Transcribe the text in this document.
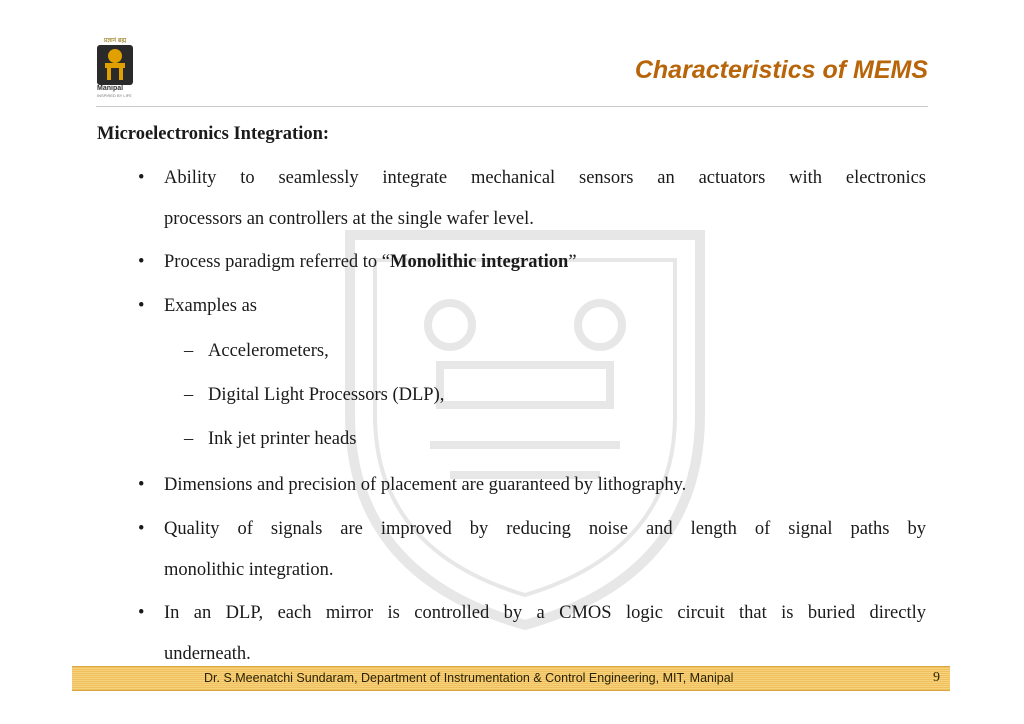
प्रज्ञानं ब्रह्म
Manipal
INSPIRED BY LIFE
Characteristics of MEMS
Microelectronics Integration:
•	Ability to seamlessly integrate mechanical sensors an actuators with electronics
processors an controllers at the single wafer level.
•	Process paradigm referred to “Monolithic integration”
•	Examples as
– Accelerometers,
– Digital Light Processors (DLP),
– Ink jet printer heads
•	Dimensions and precision of placement are guaranteed by lithography.
•	Quality of signals are improved by reducing noise and length of signal paths by
monolithic integration.
•	In an DLP, each mirror is controlled by a CMOS logic circuit that is buried directly
underneath.
Dr. S.Meenatchi Sundaram, Department of Instrumentation & Control Engineering, MIT, Manipal	9
